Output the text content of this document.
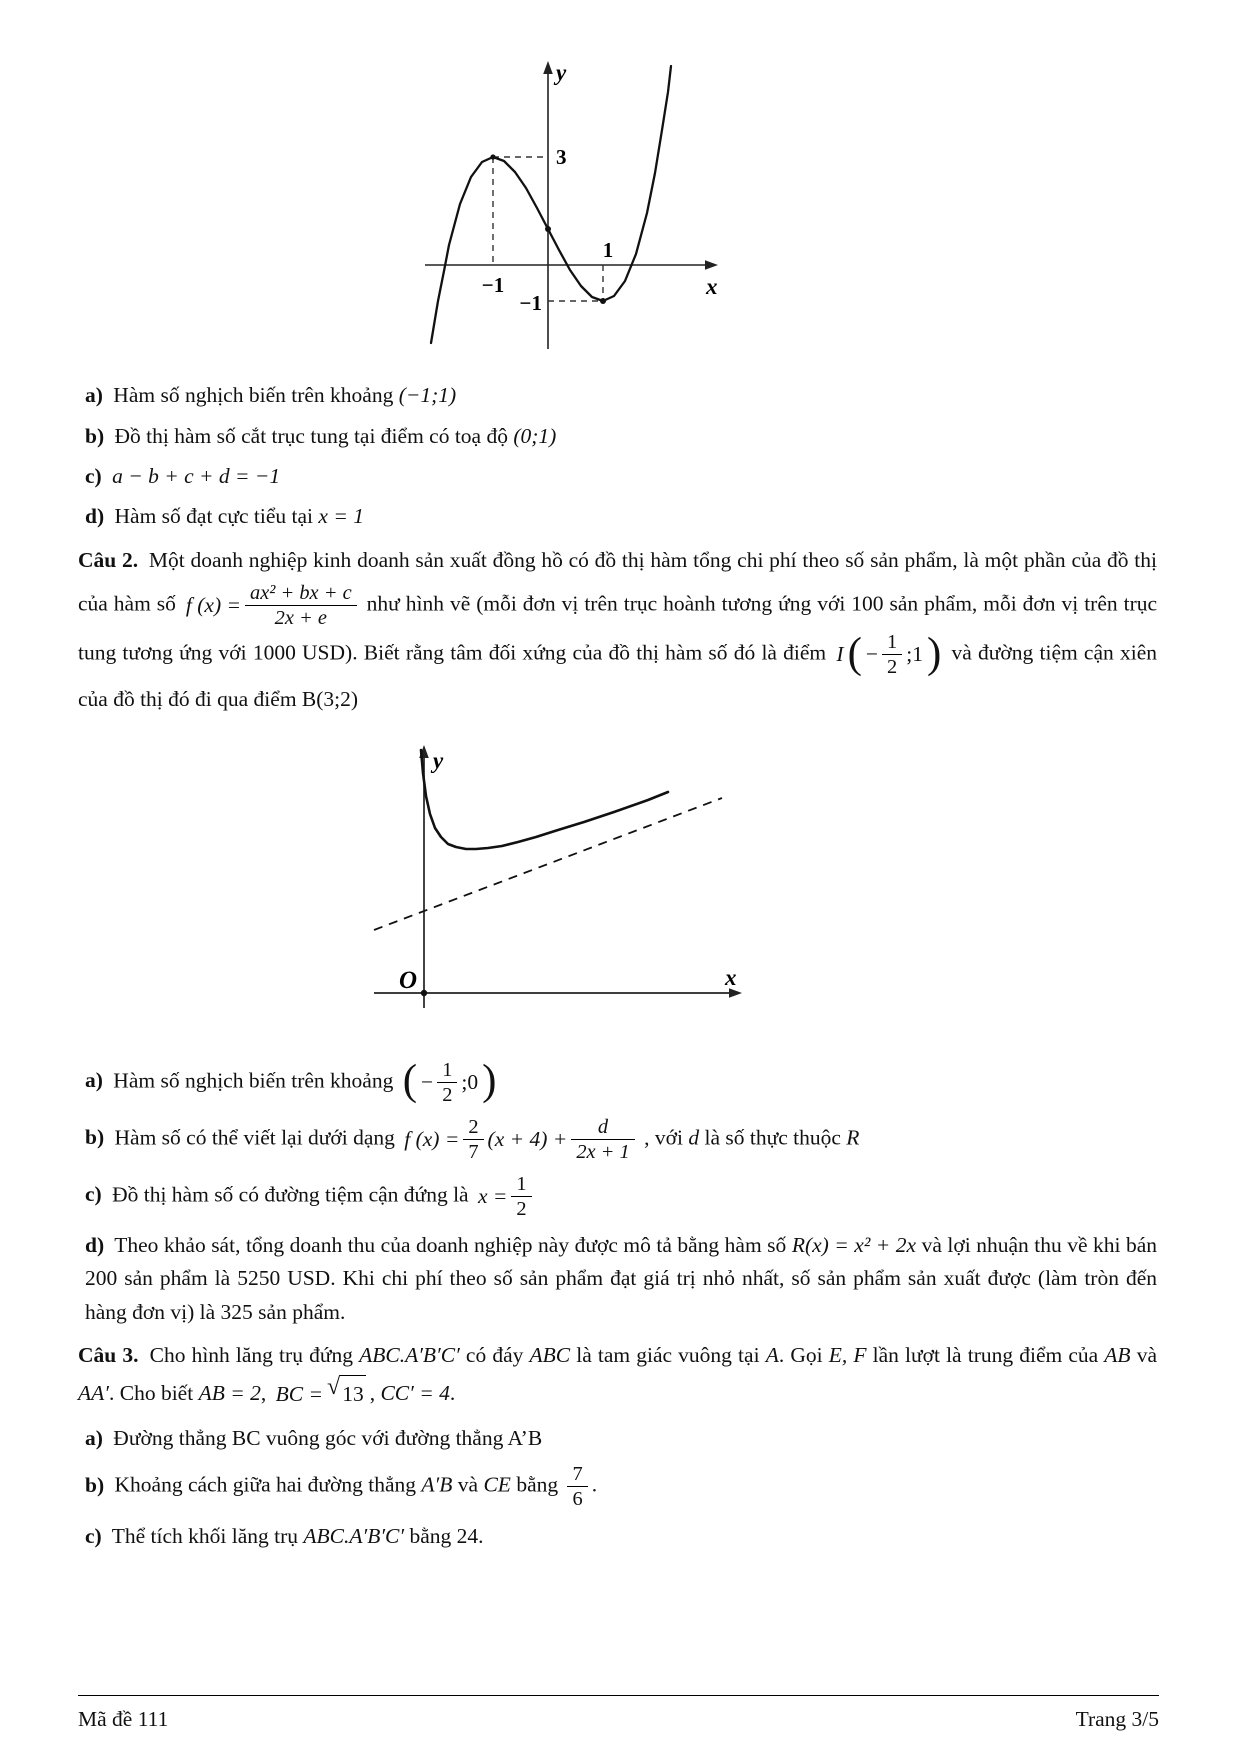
y
3
−1
1
−1
x
a) Hàm số nghịch biến trên khoảng (−1;1)
b) Đồ thị hàm số cắt trục tung tại điểm có toạ độ (0;1)
c) a − b + c + d = −1
d) Hàm số đạt cực tiểu tại x = 1
Câu 2. Một doanh nghiệp kinh doanh sản xuất đồng hồ có đồ thị hàm tổng chi phí theo số sản phẩm, là một phần của đồ thị của hàm số f $(x) = \frac{\text{ax² + bx + c}}{2x + e}$ như hình vẽ (mỗi đơn vị trên trục hoành tương ứng với 100 sản phẩm, mỗi đơn vị trên trục tung tương ứng với 1000 USD). Biết rằng tâm đối xứng của đồ thị hàm số đó là điểm I ( − $\frac{1}{2}$ ;1 ) và đường tiệm cận xiên của đồ thị đó đi qua điểm B(3;2)
O
y
x
a) Hàm số nghịch biến trên khoảng ( − $\frac{1}{2}$ ;0 )
b) Hàm số có thể viết lại dưới dạng f $(x) = \frac{2}{7} (x + 4) + \frac{d}{2x + 1}$ , với d là số thực thuộc R
c) Đồ thị hàm số có đường tiệm cận đứng là $x = \frac{1}{2}$
d) Theo khảo sát, tổng doanh thu của doanh nghiệp này được mô tả bằng hàm số R(x) = x² + 2x và lợi nhuận thu về khi bán 200 sản phẩm là 5250 USD. Khi chi phí theo số sản phẩm đạt giá trị nhỏ nhất, số sản phẩm sản xuất được (làm tròn đến hàng đơn vị) là 325 sản phẩm.
Câu 3. Cho hình lăng trụ đứng ABC.A′B′C′ có đáy ABC là tam giác vuông tại A. Gọi E, F lần lượt là trung điểm của AB và AA′. Cho biết AB = 2, BC = √ 13 , CC′ = 4.
a) Đường thẳng BC vuông góc với đường thẳng A’B
b) Khoảng cách giữa hai đường thẳng A′B và CE bằng $\frac{7}{6}$ .
c) Thể tích khối lăng trụ ABC.A′B′C′ bằng 24.
Mã đề 111	Trang 3/5
